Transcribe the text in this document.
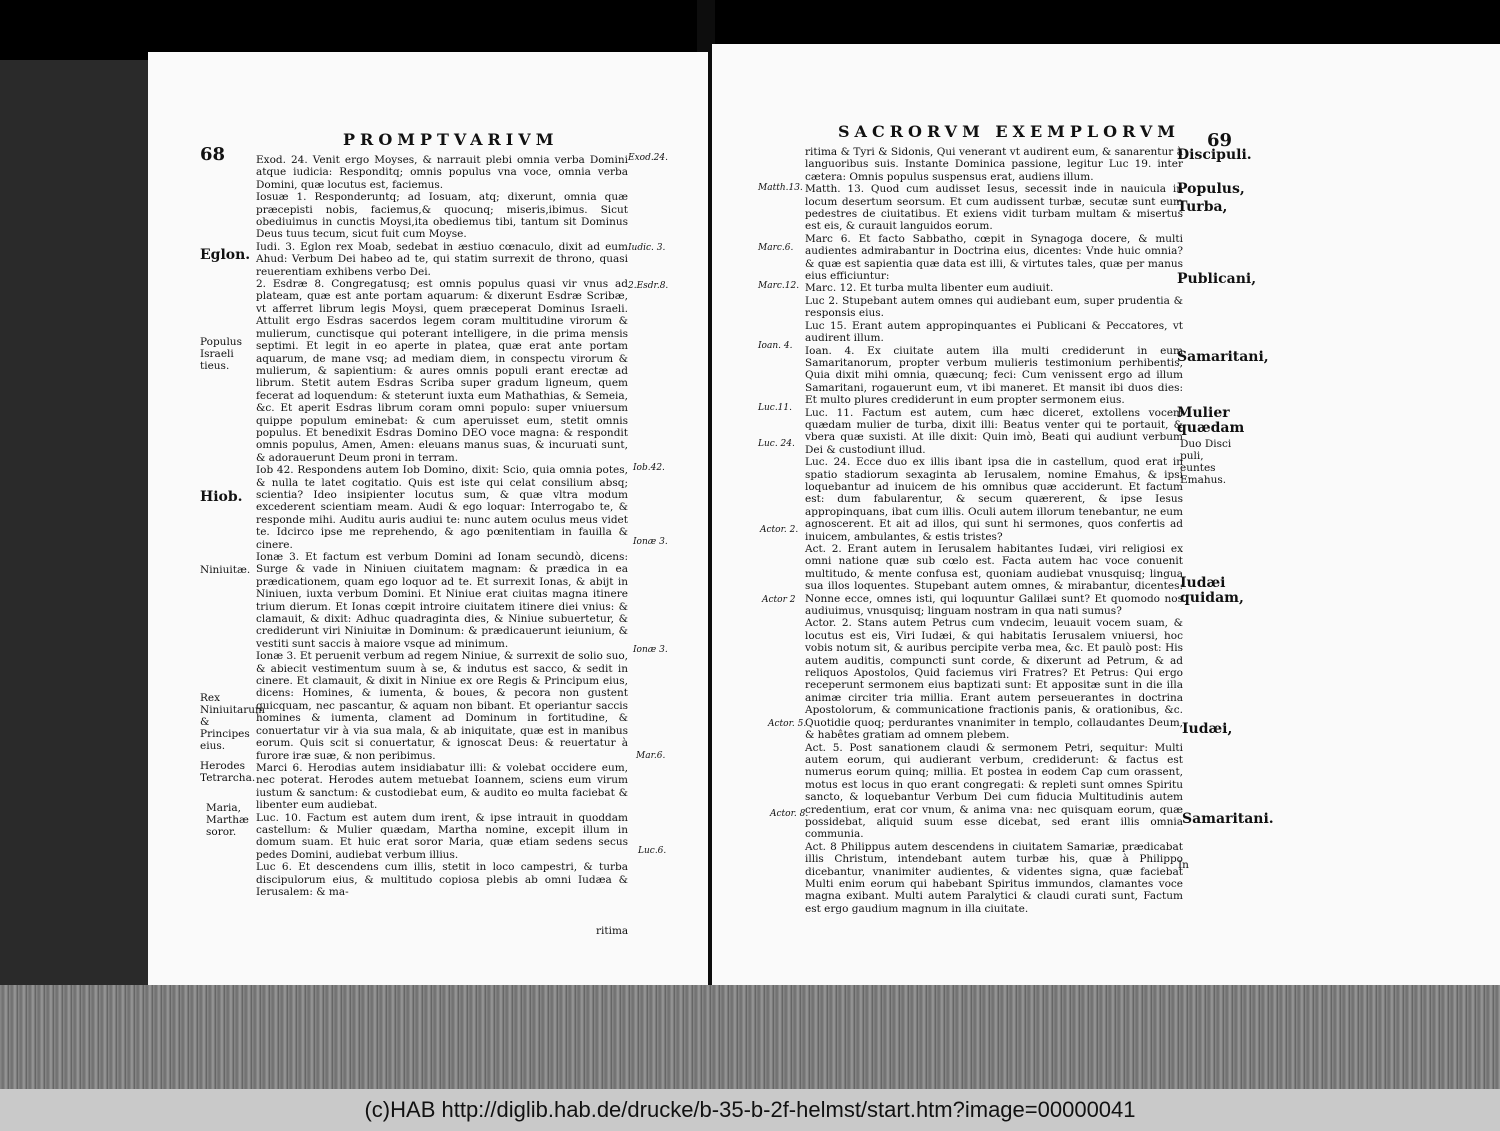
68
PROMPTVARIVM
Exod. 24. Venit ergo Moyses, & narrauit plebi omnia verba Domini atque iudicia: Responditq; omnis populus vna voce, omnia verba Domini, quæ locutus est, faciemus.
Iosuæ 1. Responderuntq; ad Iosuam, atq; dixerunt, omnia quæ præcepisti nobis, faciemus,& quocunq; miseris,ibimus. Sicut obediuimus in cunctis Moysi,ita obediemus tibi, tantum sit Dominus Deus tuus tecum, sicut fuit cum Moyse.
Iudi. 3. Eglon rex Moab, sedebat in æstiuo cœnaculo, dixit ad eum Ahud: Verbum Dei habeo ad te, qui statim surrexit de throno, quasi reuerentiam exhibens verbo Dei.
2. Esdræ 8. Congregatusq; est omnis populus quasi vir vnus ad plateam, quæ est ante portam aquarum: & dixerunt Esdræ Scribæ, vt afferret librum legis Moysi, quem præceperat Dominus Israeli. Attulit ergo Esdras sacerdos legem coram multitudine virorum & mulierum, cunctisque qui poterant intelligere, in die prima mensis septimi. Et legit in eo aperte in platea, quæ erat ante portam aquarum, de mane vsq; ad mediam diem, in conspectu virorum & mulierum, & sapientium: & aures omnis populi erant erectæ ad librum. Stetit autem Esdras Scriba super gradum ligneum, quem fecerat ad loquendum: & steterunt iuxta eum Mathathias, & Semeia, &c. Et aperit Esdras librum coram omni populo: super vniuersum quippe populum eminebat: & cum aperuisset eum, stetit omnis populus. Et benedixit Esdras Domino DEO voce magna: & respondit omnis populus, Amen, Amen: eleuans manus suas, & incuruati sunt, & adorauerunt Deum proni in terram.
Iob 42. Respondens autem Iob Domino, dixit: Scio, quia omnia potes, & nulla te latet cogitatio. Quis est iste qui celat consilium absq; scientia? Ideo insipienter locutus sum, & quæ vltra modum excederent scientiam meam. Audi & ego loquar: Interrogabo te, & responde mihi. Auditu auris audiui te: nunc autem oculus meus videt te. Idcirco ipse me reprehendo, & ago pœnitentiam in fauilla & cinere.
Ionæ 3. Et factum est verbum Domini ad Ionam secundò, dicens: Surge & vade in Niniuen ciuitatem magnam: & prædica in ea prædicationem, quam ego loquor ad te. Et surrexit Ionas, & abijt in Niniuen, iuxta verbum Domini. Et Niniue erat ciuitas magna itinere trium dierum. Et Ionas cœpit introire ciuitatem itinere diei vnius: & clamauit, & dixit: Adhuc quadraginta dies, & Niniue subuertetur, & crediderunt viri Niniuitæ in Dominum: & prædicauerunt ieiunium, & vestiti sunt saccis à maiore vsque ad minimum.
Ionæ 3. Et peruenit verbum ad regem Niniue, & surrexit de solio suo, & abiecit vestimentum suum à se, & indutus est sacco, & sedit in cinere. Et clamauit, & dixit in Niniue ex ore Regis & Principum eius, dicens: Homines, & iumenta, & boues, & pecora non gustent quicquam, nec pascantur, & aquam non bibant. Et operiantur saccis homines & iumenta, clament ad Dominum in fortitudine, & conuertatur vir à via sua mala, & ab iniquitate, quæ est in manibus eorum. Quis scit si conuertatur, & ignoscat Deus: & reuertatur à furore iræ suæ, & non peribimus.
Marci 6. Herodias autem insidiabatur illi: & volebat occidere eum, nec poterat. Herodes autem metuebat Ioannem, sciens eum virum iustum & sanctum: & custodiebat eum, & audito eo multa faciebat & libenter eum audiebat.
Luc. 10. Factum est autem dum irent, & ipse intrauit in quoddam castellum: & Mulier quædam, Martha nomine, excepit illum in domum suam. Et huic erat soror Maria, quæ etiam sedens secus pedes Domini, audiebat verbum illius.
Luc 6. Et descendens cum illis, stetit in loco campestri, & turba discipulorum eius, & multitudo copiosa plebis ab omni Iudæa & Ierusalem: & ma-
ritima
Exod.24.
Iudic. 3.
2.Esdr.8.
Iob.42.
Ionæ 3.
Ionæ 3.
Mar.6.
Luc.6.
Eglon.
Populus
Israeli tieus.
Hiob.
Niniuitæ.
Rex Niniuitarum &
Principes
eius.
Herodes
Tetrarcha.
Maria,
Marthæ
soror.
SACRORVM EXEMPLORVM 69
ritima & Tyri & Sidonis, Qui venerant vt audirent eum, & sanarentur à languoribus suis. Instante Dominica passione, legitur Luc 19. inter cætera: Omnis populus suspensus erat, audiens illum.
Matth. 13. Quod cum audisset Iesus, secessit inde in nauicula in locum desertum seorsum. Et cum audissent turbæ, secutæ sunt eum pedestres de ciuitatibus. Et exiens vidit turbam multam & misertus est eis, & curauit languidos eorum.
Marc 6. Et facto Sabbatho, cœpit in Synagoga docere, & multi audientes admirabantur in Doctrina eius, dicentes: Vnde huic omnia? & quæ est sapientia quæ data est illi, & virtutes tales, quæ per manus eius efficiuntur:
Marc. 12. Et turba multa libenter eum audiuit.
Luc 2. Stupebant autem omnes qui audiebant eum, super prudentia & responsis eius.
Luc 15. Erant autem appropinquantes ei Publicani & Peccatores, vt audirent illum.
Ioan. 4. Ex ciuitate autem illa multi crediderunt in eum Samaritanorum, propter verbum mulieris testimonium perhibentis, Quia dixit mihi omnia, quæcunq; feci: Cum venissent ergo ad illum Samaritani, rogauerunt eum, vt ibi maneret. Et mansit ibi duos dies: Et multo plures crediderunt in eum propter sermonem eius.
Luc. 11. Factum est autem, cum hæc diceret, extollens vocem quædam mulier de turba, dixit illi: Beatus venter qui te portauit, & vbera quæ suxisti. At ille dixit: Quin imò, Beati qui audiunt verbum Dei & custodiunt illud.
Luc. 24. Ecce duo ex illis ibant ipsa die in castellum, quod erat in spatio stadiorum sexaginta ab Ierusalem, nomine Emahus, & ipsi loquebantur ad inuicem de his omnibus quæ acciderunt. Et factum est: dum fabularentur, & secum quærerent, & ipse Iesus appropinquans, ibat cum illis. Oculi autem illorum tenebantur, ne eum agnoscerent. Et ait ad illos, qui sunt hi sermones, quos confertis ad inuicem, ambulantes, & estis tristes?
Act. 2. Erant autem in Ierusalem habitantes Iudæi, viri religiosi ex omni natione quæ sub cœlo est. Facta autem hac voce conuenit multitudo, & mente confusa est, quoniam audiebat vnusquisq; lingua sua illos loquentes. Stupebant autem omnes, & mirabantur, dicentes: Nonne ecce, omnes isti, qui loquuntur Galilæi sunt? Et quomodo nos audiuimus, vnusquisq; linguam nostram in qua nati sumus?
Actor. 2. Stans autem Petrus cum vndecim, leuauit vocem suam, & locutus est eis, Viri Iudæi, & qui habitatis Ierusalem vniuersi, hoc vobis notum sit, & auribus percipite verba mea, &c. Et paulò post: His autem auditis, compuncti sunt corde, & dixerunt ad Petrum, & ad reliquos Apostolos, Quid faciemus viri Fratres? Et Petrus: Qui ergo receperunt sermonem eius baptizati sunt: Et appositæ sunt in die illa animæ circiter tria millia. Erant autem perseuerantes in doctrina Apostolorum, & communicatione fractionis panis, & orationibus, &c. Quotidie quoq; perdurantes vnanimiter in templo, collaudantes Deum, & habêtes gratiam ad omnem plebem.
Act. 5. Post sanationem claudi & sermonem Petri, sequitur: Multi autem eorum, qui audierant verbum, crediderunt: & factus est numerus eorum quinq; millia. Et postea in eodem Cap cum orassent, motus est locus in quo erant congregati: & repleti sunt omnes Spiritu sancto, & loquebantur Verbum Dei cum fiducia Multitudinis autem credentium, erat cor vnum, & anima vna: nec quisquam eorum, quæ possidebat, aliquid suum esse dicebat, sed erant illis omnia communia.
Act. 8 Philippus autem descendens in ciuitatem Samariæ, prædicabat illis Christum, intendebant autem turbæ his, quæ à Philippo dicebantur, vnanimiter audientes, & videntes signa, quæ faciebat Multi enim eorum qui habebant Spiritus immundos, clamantes voce magna exibant. Multi autem Paralytici & claudi curati sunt, Factum est ergo gaudium magnum in illa ciuitate.
In
Matth.13.
Marc.6.
Marc.12.
Ioan. 4.
Luc.11.
Luc. 24.
Actor. 2.
Actor 2
Actor. 5.
Actor. 8.
Discipuli.
Populus,
Turba,
Publicani,
Samaritani,
Mulier
quædam
Duo Disci
puli, euntes Emahus.
Iudæi
quidam,
Iudæi,
Samaritani.
(c)HAB http://diglib.hab.de/drucke/b-35-b-2f-helmst/start.htm?image=00000041
